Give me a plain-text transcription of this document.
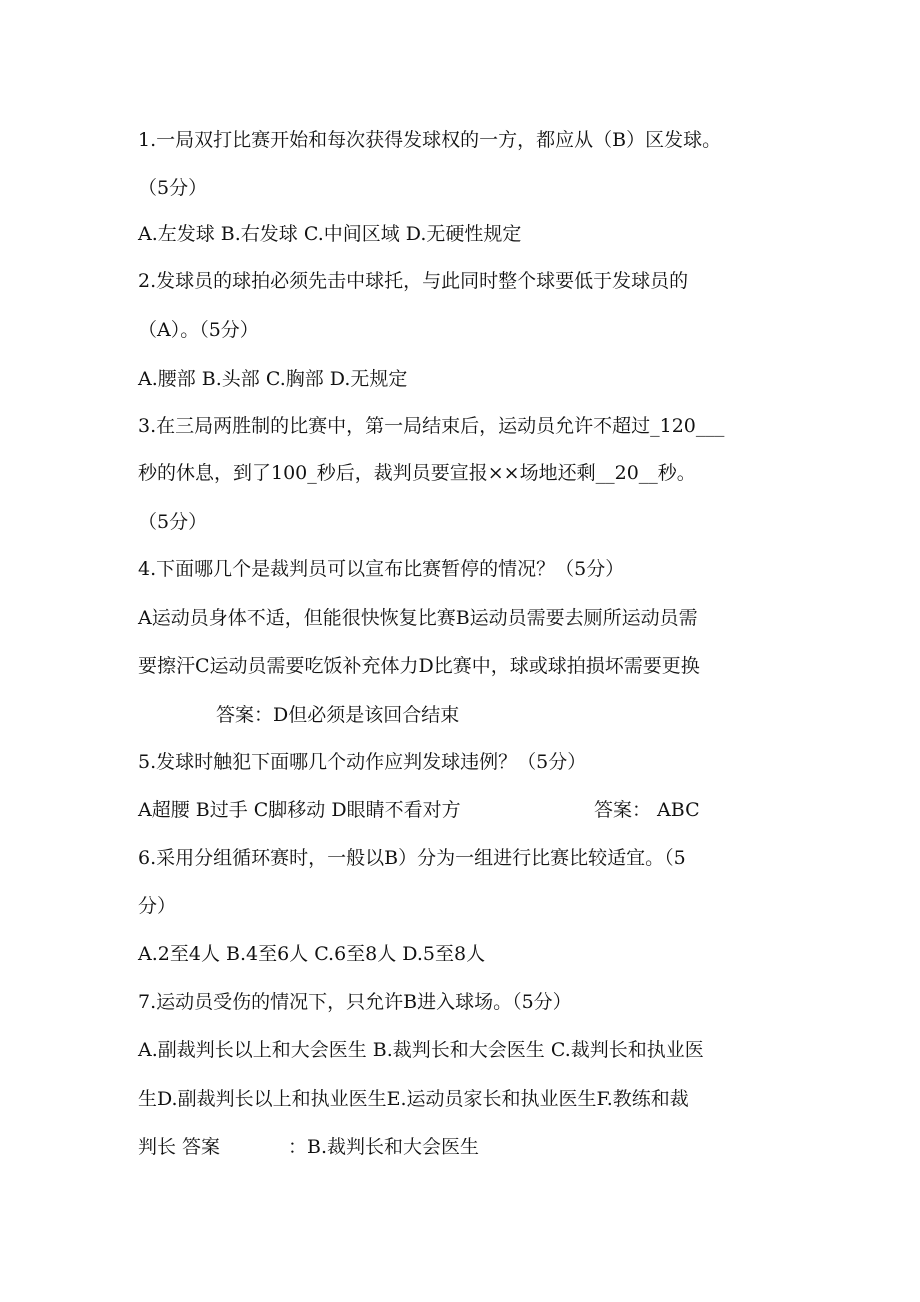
1.一局双打比赛开始和每次获得发球权的一方，都应从（B）区发球。
（5分）
A.左发球 B.右发球 C.中间区域 D.无硬性规定
2.发球员的球拍必须先击中球托，与此同时整个球要低于发球员的
（A）。（5分）
A.腰部 B.头部 C.胸部 D.无规定
3.在三局两胜制的比赛中，第一局结束后，运动员允许不超过_120___
秒的休息，到了100_秒后，裁判员要宣报××场地还剩__20__秒。
（5分）
4.下面哪几个是裁判员可以宣布比赛暂停的情况？（5分）
A运动员身体不适，但能很快恢复比赛B运动员需要去厕所运动员需
要擦汗C运动员需要吃饭补充体力D比赛中，球或球拍损坏需要更换
答案：D但必须是该回合结束
5.发球时触犯下面哪几个动作应判发球违例？（5分）
A超腰 B过手 C脚移动 D眼睛不看对方	答案： ABC
6.采用分组循环赛时，一般以B）分为一组进行比赛比较适宜。（5
分）
A.2至4人 B.4至6人 C.6至8人 D.5至8人
7.运动员受伤的情况下，只允许B进入球场。（5分）
A.副裁判长以上和大会医生 B.裁判长和大会医生 C.裁判长和执业医
生D.副裁判长以上和执业医生E.运动员家长和执业医生F.教练和裁
判长 答案	：B.裁判长和大会医生
